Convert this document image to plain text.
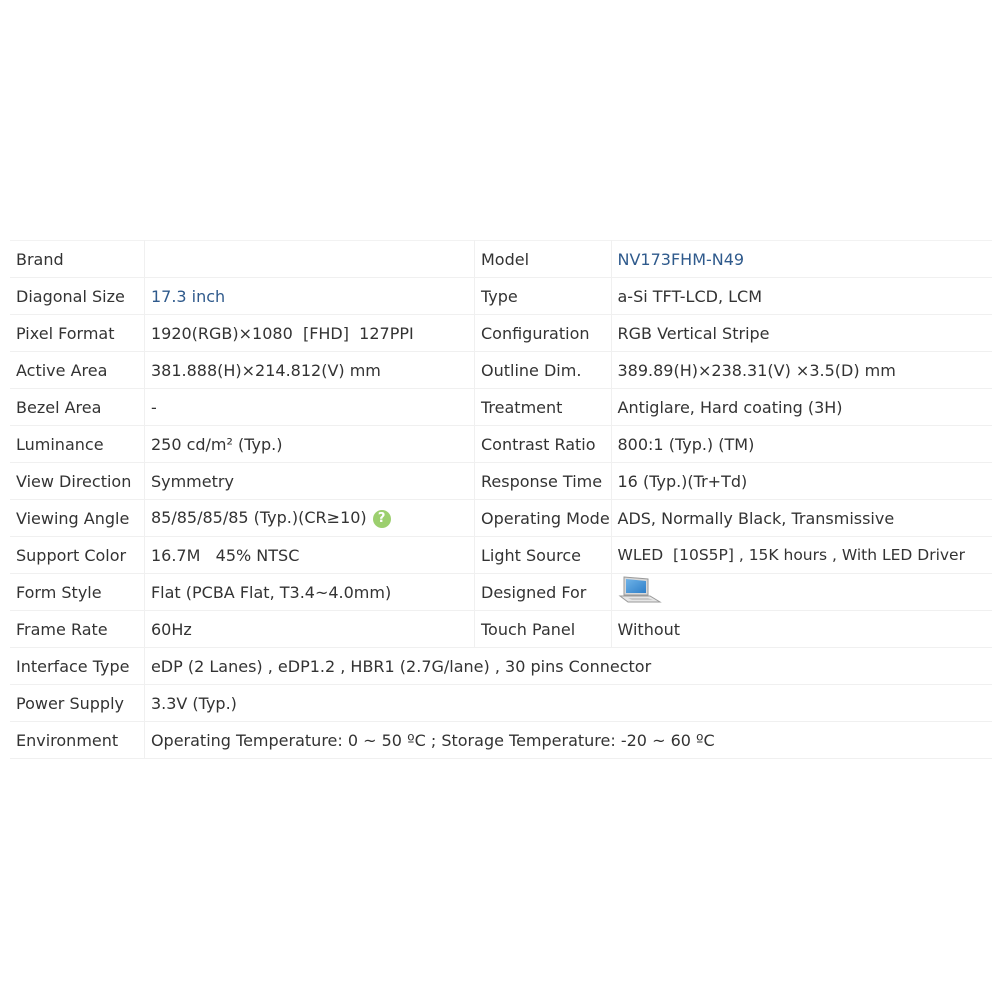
Brand		Model	NV173FHM-N49
Diagonal Size	17.3 inch	Type	a-Si TFT-LCD, LCM
Pixel Format	1920(RGB)×1080  [FHD]  127PPI	Configuration	RGB Vertical Stripe
Active Area	381.888(H)×214.812(V) mm	Outline Dim.	389.89(H)×238.31(V) ×3.5(D) mm
Bezel Area	-	Treatment	Antiglare, Hard coating (3H)
Luminance	250 cd/m² (Typ.)	Contrast Ratio	800:1 (Typ.) (TM)
View Direction	Symmetry	Response Time	16 (Typ.)(Tr+Td)
Viewing Angle	85/85/85/85 (Typ.)(CR≥10) ?	Operating Mode	ADS, Normally Black, Transmissive
Support Color	16.7M   45% NTSC	Light Source	WLED  [10S5P] , 15K hours , With LED Driver
Form Style	Flat (PCBA Flat, T3.4~4.0mm)	Designed For	
Frame Rate	60Hz	Touch Panel	Without
Interface Type	eDP (2 Lanes) , eDP1.2 , HBR1 (2.7G/lane) , 30 pins Connector		
Power Supply	3.3V (Typ.)		
Environment	Operating Temperature: 0 ~ 50 ºC ; Storage Temperature: -20 ~ 60 ºC		
